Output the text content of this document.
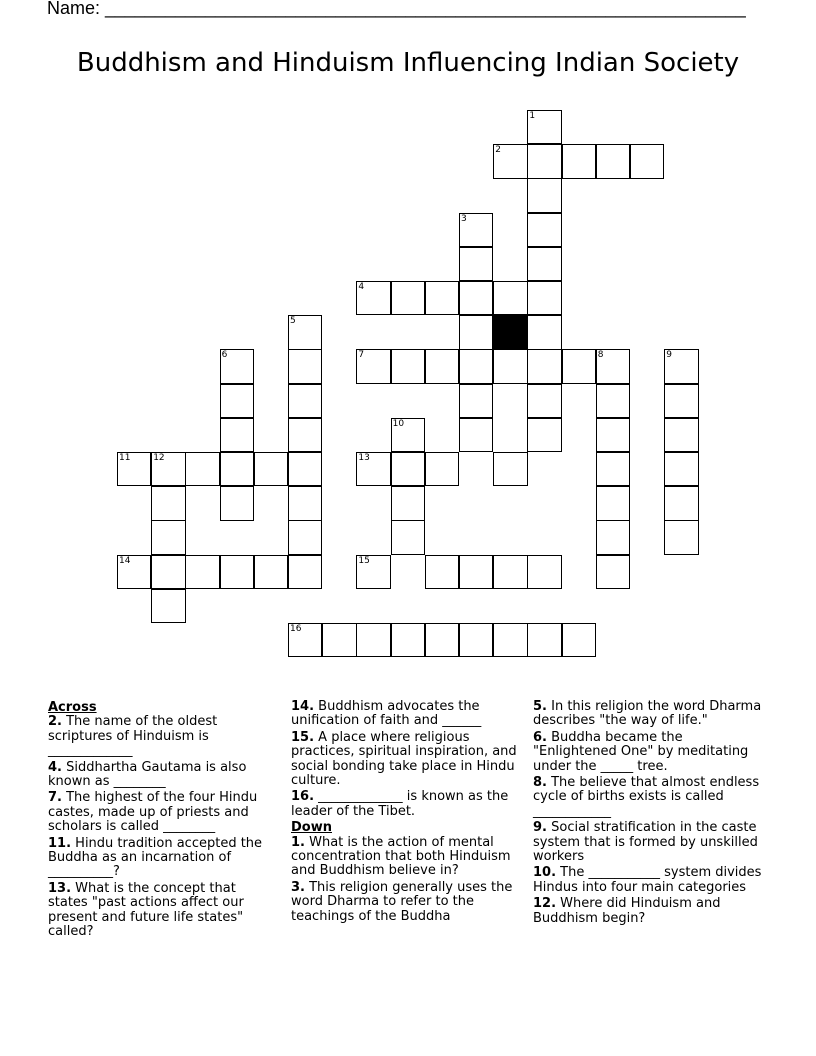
Name: ________________________________________________________________
Buddhism and Hinduism Influencing Indian Society
1
2
3
4
5
6	7	8	9
10
11	12	13
14	15
16
Across
2. The name of the oldest scriptures of Hinduism is _____________
4. Siddhartha Gautama is also known as ________
7. The highest of the four Hindu castes, made up of priests and scholars is called ________
11. Hindu tradition accepted the Buddha as an incarnation of __________?
13. What is the concept that states "past actions affect our present and future life states" called?
14. Buddhism advocates the unification of faith and ______
15. A place where religious practices, spiritual inspiration, and social bonding take place in Hindu culture.
16. _____________ is known as the leader of the Tibet.
Down
1. What is the action of mental concentration that both Hinduism and Buddhism believe in?
3. This religion generally uses the word Dharma to refer to the teachings of the Buddha
5. In this religion the word Dharma describes "the way of life."
6. Buddha became the "Enlightened One" by meditating under the _____ tree.
8. The believe that almost endless cycle of births exists is called ____________
9. Social stratification in the caste system that is formed by unskilled workers
10. The ___________ system divides Hindus into four main categories
12. Where did Hinduism and Buddhism begin?
